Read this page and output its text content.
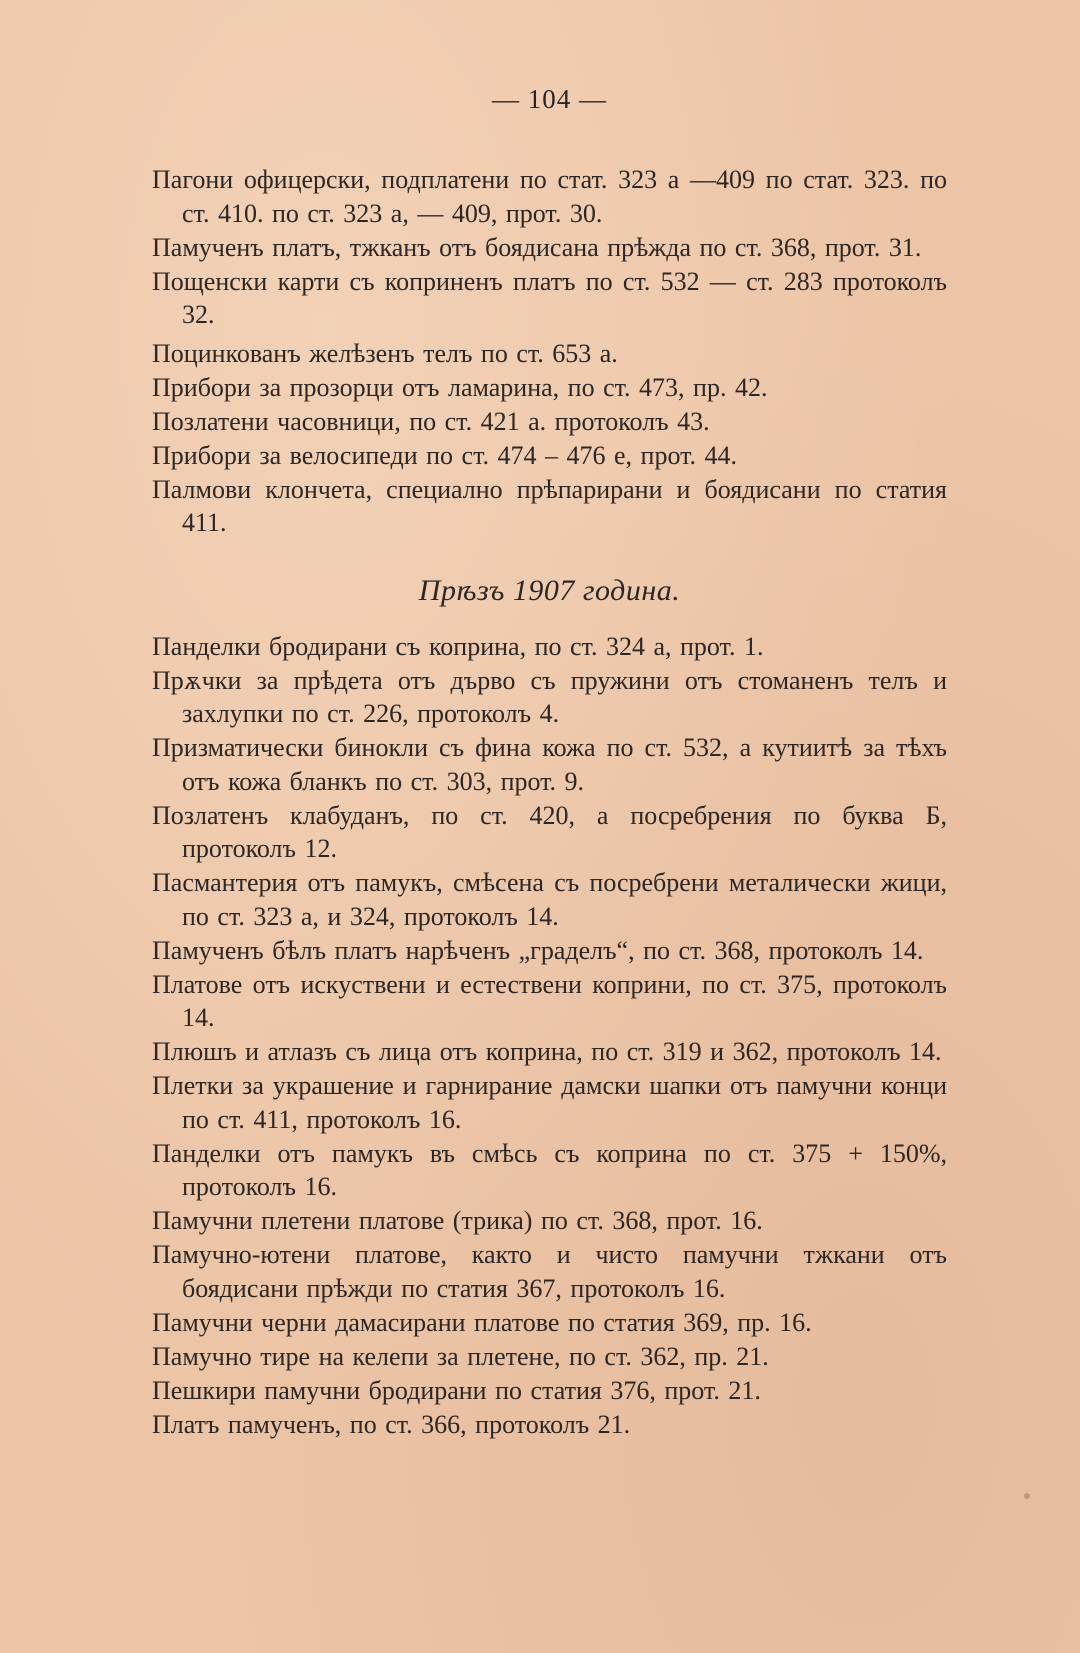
— 104 —

Пагони офицерски, подплатени по стат. 323 а —409 по стат. 323. по ст. 410. по ст. 323 а, — 409, прот. 30.

Памученъ платъ, тжканъ отъ боядисана прѣжда по ст. 368, прот. 31.

Пощенски карти съ коприненъ платъ по ст. 532 — ст. 283 протоколъ 32.

Поцинкованъ желѣзенъ телъ по ст. 653 а.

Прибори за прозорци отъ ламарина, по ст. 473, пр. 42.

Позлатени часовници, по ст. 421 а. протоколъ 43.

Прибори за велосипеди по ст. 474 – 476 е, прот. 44.

Палмови клончета, специално прѣпарирани и боядисани по статия 411.

Прѣзъ 1907 година.

Панделки бродирани съ коприна, по ст. 324 а, прот. 1.

Прѫчки за прѣдета отъ дърво съ пружини отъ стоманенъ телъ и захлупки по ст. 226, протоколъ 4.

Призматически бинокли съ фина кожа по ст. 532, а кутиитѣ за тѣхъ отъ кожа бланкъ по ст. 303, прот. 9.

Позлатенъ клабуданъ, по ст. 420, а посребрения по буква Б, протоколъ 12.

Пасмантерия отъ памукъ, смѣсена съ посребрени металически жици, по ст. 323 а, и 324, протоколъ 14.

Памученъ бѣлъ платъ нарѣченъ „граделъ“, по ст. 368, протоколъ 14.

Платове отъ искуствени и естествени коприни, по ст. 375, протоколъ 14.

Плюшъ и атлазъ съ лица отъ коприна, по ст. 319 и 362, протоколъ 14.

Плетки за украшение и гарнирание дамски шапки отъ памучни конци по ст. 411, протоколъ 16.

Панделки отъ памукъ въ смѣсь съ коприна по ст. 375 + 150%, протоколъ 16.

Памучни плетени платове (трика) по ст. 368, прот. 16.

Памучно-ютени платове, както и чисто памучни тжкани отъ боядисани прѣжди по статия 367, протоколъ 16.

Памучни черни дамасирани платове по статия 369, пр. 16.

Памучно тире на келепи за плетене, по ст. 362, пр. 21.

Пешкири памучни бродирани по статия 376, прот. 21.

Платъ памученъ, по ст. 366, протоколъ 21.
